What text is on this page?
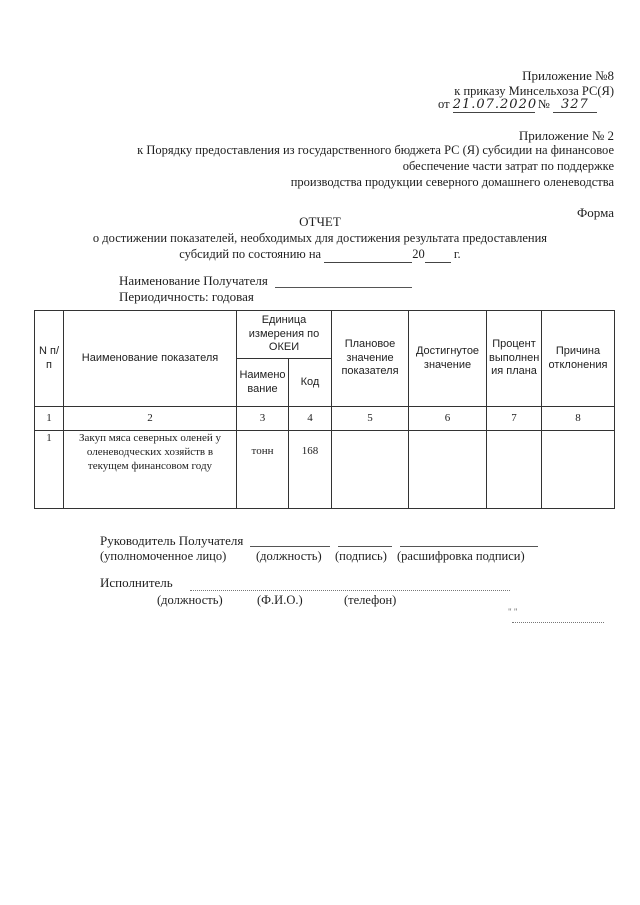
Приложение №8
к приказу Минсельхоза РС(Я)
от 21.07.2020 № 327
Приложение № 2
к Порядку предоставления из государственного бюджета РС (Я) субсидии на финансовое
обеспечение части затрат по поддержке
производства продукции северного домашнего оленеводства
Форма
ОТЧЕТ
о достижении показателей, необходимых для достижения результата предоставления
субсидий по состоянию на	20 г.
Наименование Получателя
Периодичность: годовая
N п/п	Наименование показателя	Единица измерения по ОКЕИ		Плановое значение показателя	Достигнутое значение	Процент выполнен ия плана	Причина отклонения
		Наимено вание	Код				
1	2	3	4	5	6	7	8
1	Закуп мяса северных оленей у оленеводческих хозяйств в текущем финансовом году	тонн	168				
Руководитель Получателя
(уполномоченное лицо) (должность) (подпись) (расшифровка подписи)
Исполнитель
(должность)	(Ф.И.О.)	(телефон)
" "
